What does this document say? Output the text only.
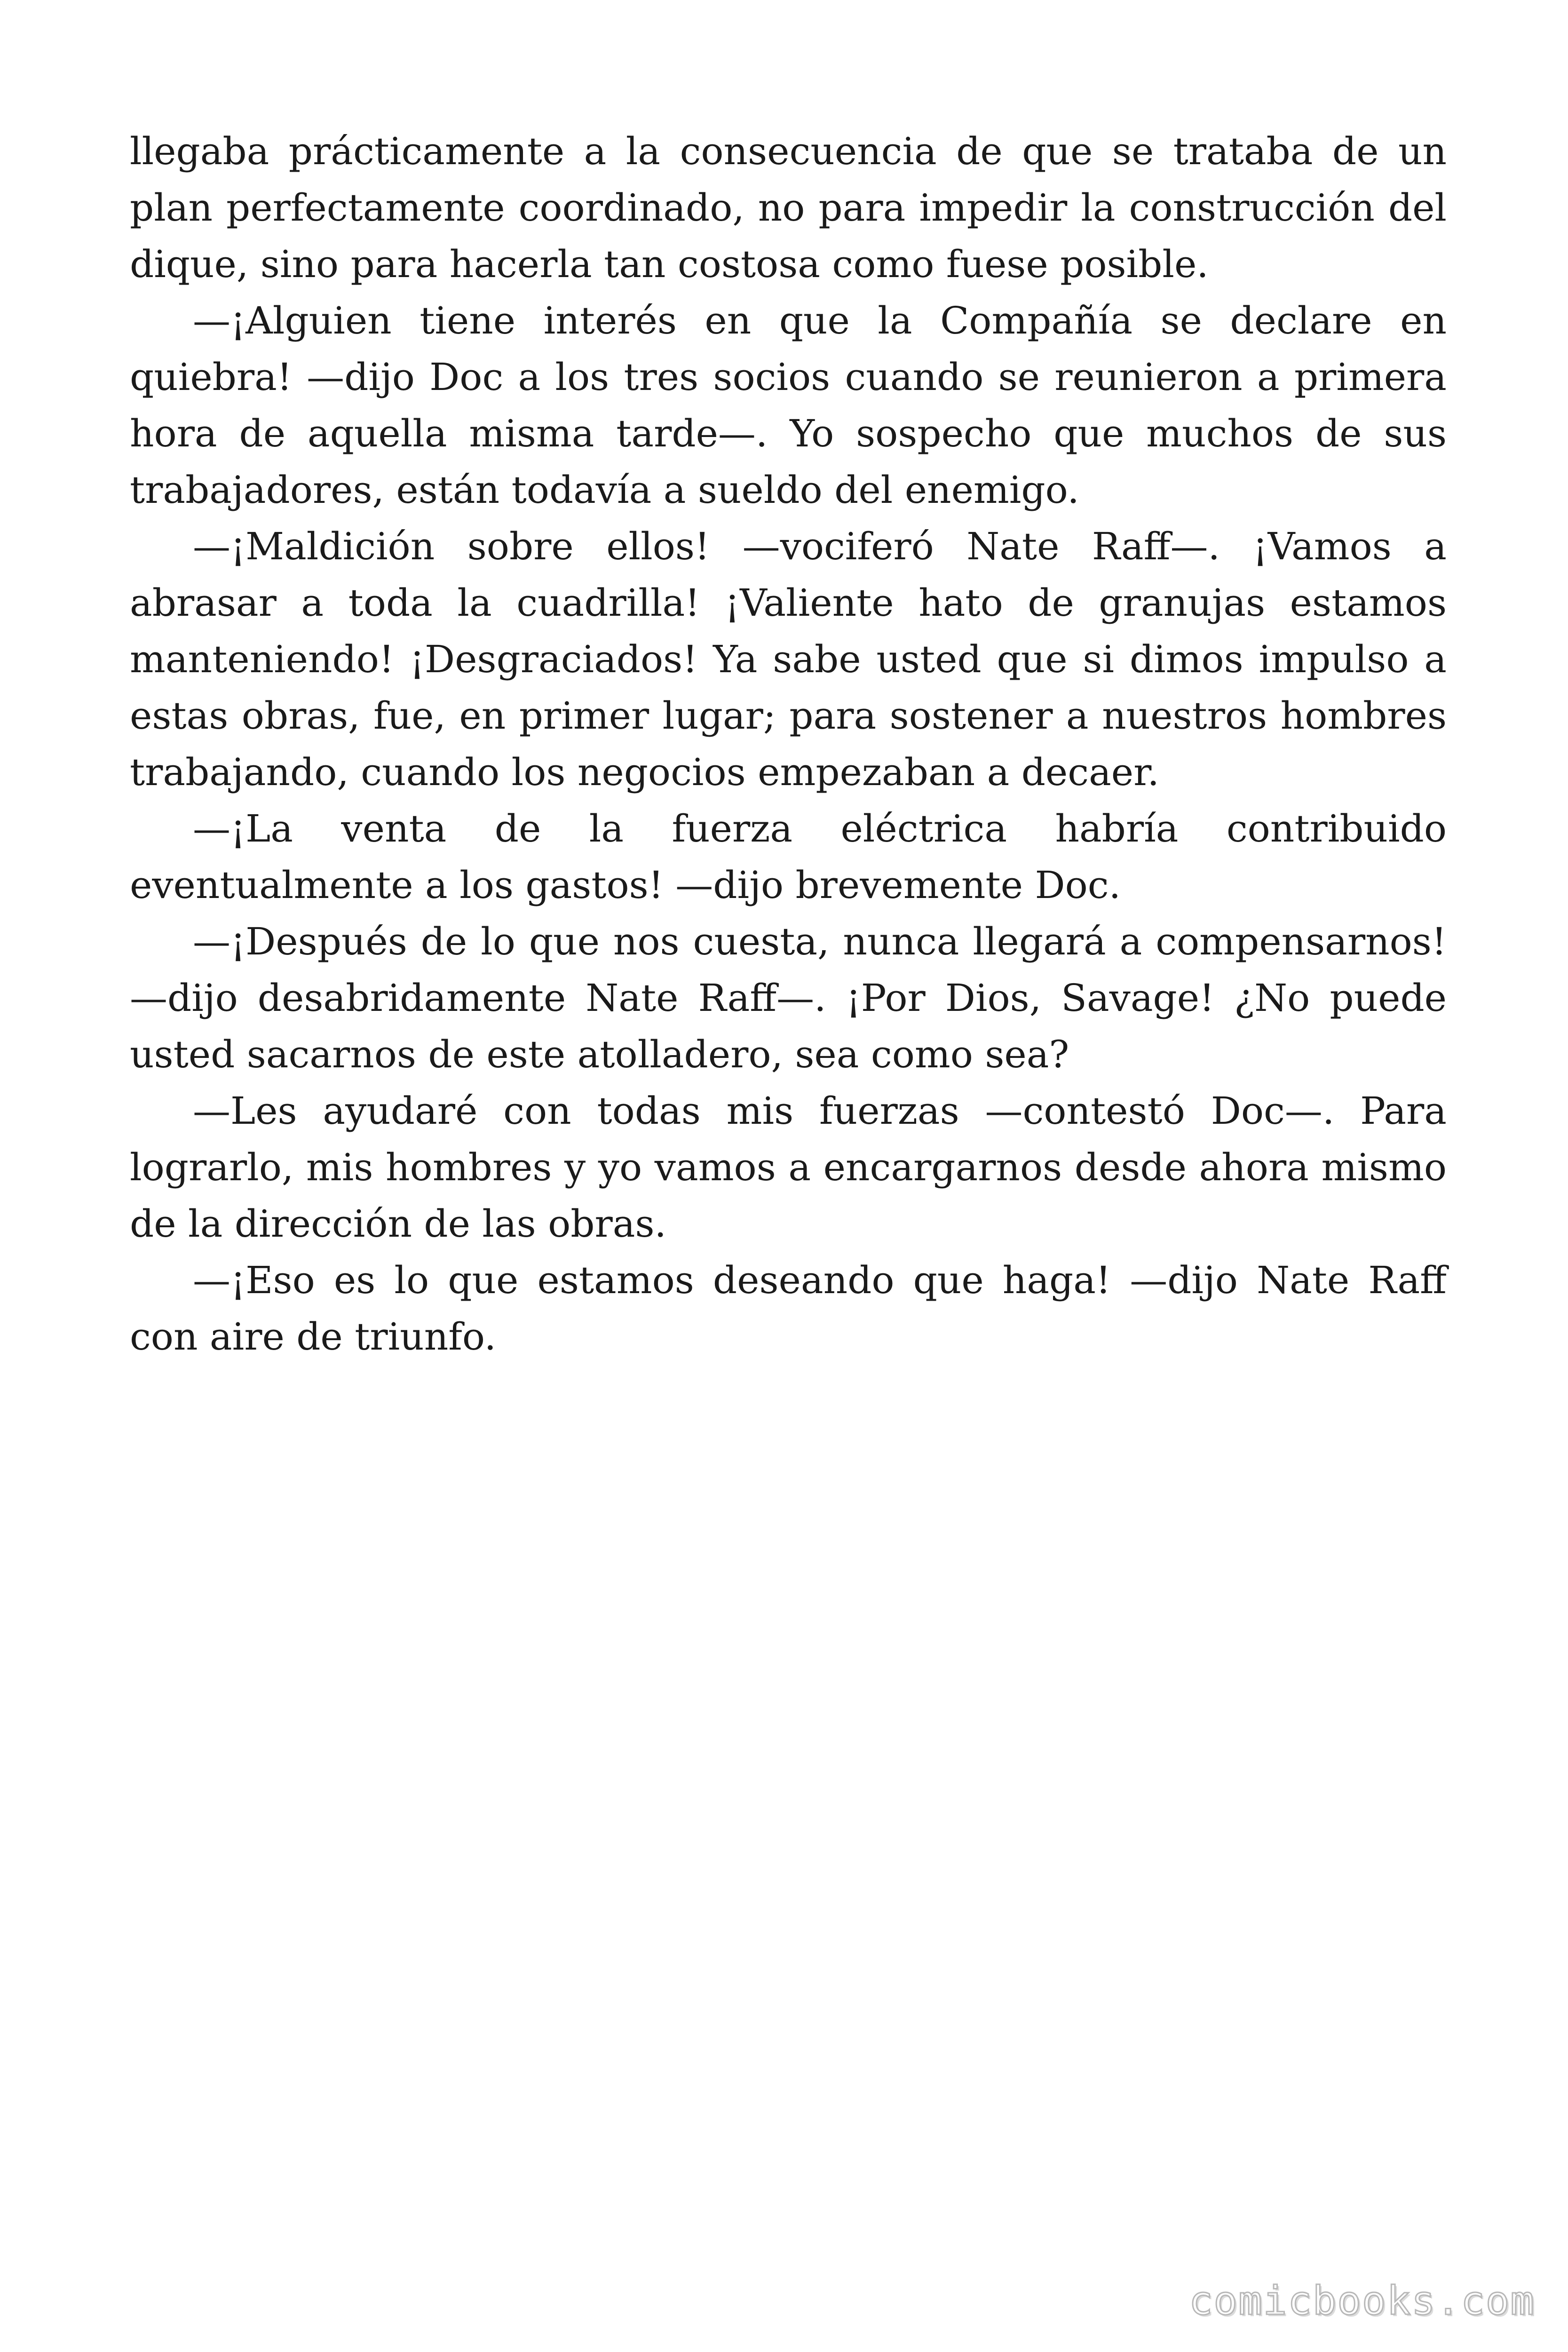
llegaba prácticamente a la consecuencia de que se trataba de un plan perfectamente coordinado, no para impedir la construcción del dique, sino para hacerla tan costosa como fuese posible.

—¡Alguien tiene interés en que la Compañía se declare en quiebra! —dijo Doc a los tres socios cuando se reunieron a primera hora de aquella misma tarde—. Yo sospecho que muchos de sus trabajadores, están todavía a sueldo del enemigo.

—¡Maldición sobre ellos! —vociferó Nate Raff—. ¡Vamos a abrasar a toda la cuadrilla! ¡Valiente hato de granujas estamos manteniendo! ¡Desgraciados! Ya sabe usted que si dimos impulso a estas obras, fue, en primer lugar; para sostener a nuestros hombres trabajando, cuando los negocios empezaban a decaer.

—¡La venta de la fuerza eléctrica habría contribuido eventualmente a los gastos! —dijo brevemente Doc.

—¡Después de lo que nos cuesta, nunca llegará a compensarnos! —dijo desabridamente Nate Raff—. ¡Por Dios, Savage! ¿No puede usted sacarnos de este atolladero, sea como sea?

—Les ayudaré con todas mis fuerzas —contestó Doc—. Para lograrlo, mis hombres y yo vamos a encargarnos desde ahora mismo de la dirección de las obras.

—¡Eso es lo que estamos deseando que haga! —dijo Nate Raff con aire de triunfo.

comicbooks.com
